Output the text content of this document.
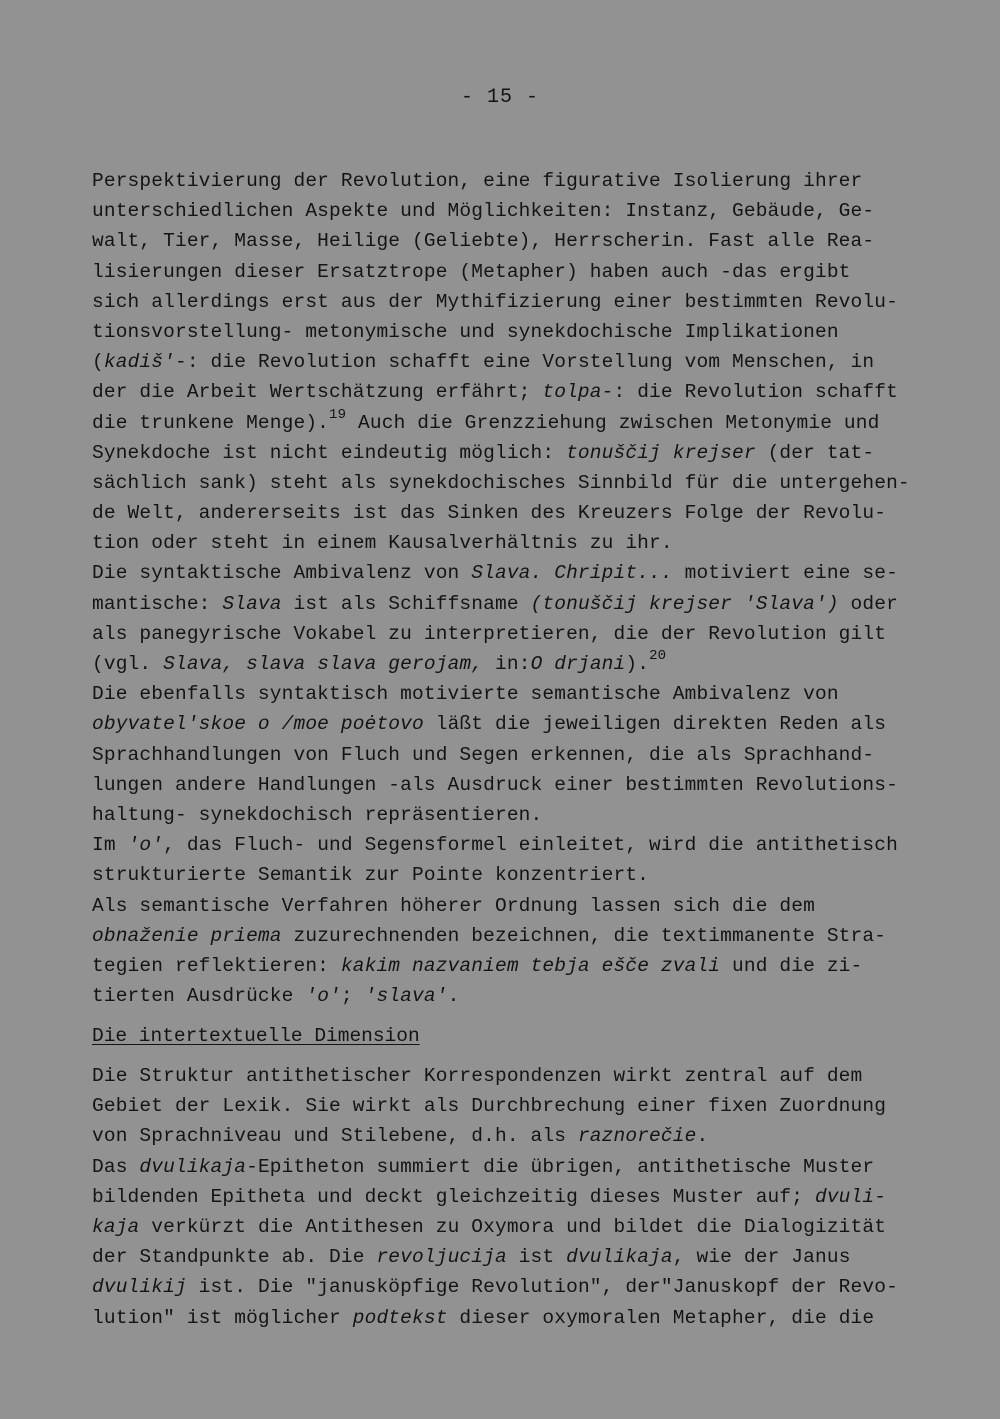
- 15 -
Perspektivierung der Revolution, eine figurative Isolierung ihrer
unterschiedlichen Aspekte und Möglichkeiten: Instanz, Gebäude, Ge-
walt, Tier, Masse, Heilige (Geliebte), Herrscherin. Fast alle Rea-
lisierungen dieser Ersatztrope (Metapher) haben auch -das ergibt
sich allerdings erst aus der Mythifizierung einer bestimmten Revolu-
tionsvorstellung- metonymische und synekdochische Implikationen
(kadiš'-: die Revolution schafft eine Vorstellung vom Menschen, in
der die Arbeit Wertschätzung erfährt; tolpa-: die Revolution schafft
die trunkene Menge).$^{19}$ Auch die Grenzziehung zwischen Metonymie und
Synekdoche ist nicht eindeutig möglich: tonuščij krejser (der tat-
sächlich sank) steht als synekdochisches Sinnbild für die untergehen-
de Welt, andererseits ist das Sinken des Kreuzers Folge der Revolu-
tion oder steht in einem Kausalverhältnis zu ihr.
Die syntaktische Ambivalenz von Slava. Chripit... motiviert eine se-
mantische: Slava ist als Schiffsname (tonuščij krejser 'Slava') oder
als panegyrische Vokabel zu interpretieren, die der Revolution gilt
(vgl. Slava, slava slava gerojam, in:O drjani).$^{20}$
Die ebenfalls syntaktisch motivierte semantische Ambivalenz von
obyvatel'skoe o /moe poėtovo läßt die jeweiligen direkten Reden als
Sprachhandlungen von Fluch und Segen erkennen, die als Sprachhand-
lungen andere Handlungen -als Ausdruck einer bestimmten Revolutions-
haltung- synekdochisch repräsentieren.
Im 'o', das Fluch- und Segensformel einleitet, wird die antithetisch
strukturierte Semantik zur Pointe konzentriert.
Als semantische Verfahren höherer Ordnung lassen sich die dem
obnaženie priema zuzurechnenden bezeichnen, die textimmanente Stra-
tegien reflektieren: kakim nazvaniem tebja ešče zvali und die zi-
tierten Ausdrücke 'o'; 'slava'.
Die intertextuelle Dimension
Die Struktur antithetischer Korrespondenzen wirkt zentral auf dem
Gebiet der Lexik. Sie wirkt als Durchbrechung einer fixen Zuordnung
von Sprachniveau und Stilebene, d.h. als raznorečie.
Das dvulikaja-Epitheton summiert die übrigen, antithetische Muster
bildenden Epitheta und deckt gleichzeitig dieses Muster auf; dvuli-
kaja verkürzt die Antithesen zu Oxymora und bildet die Dialogizität
der Standpunkte ab. Die revoljucija ist dvulikaja, wie der Janus
dvulikij ist. Die "janusköpfige Revolution", der"Januskopf der Revo-
lution" ist möglicher podtekst dieser oxymoralen Metapher, die die
